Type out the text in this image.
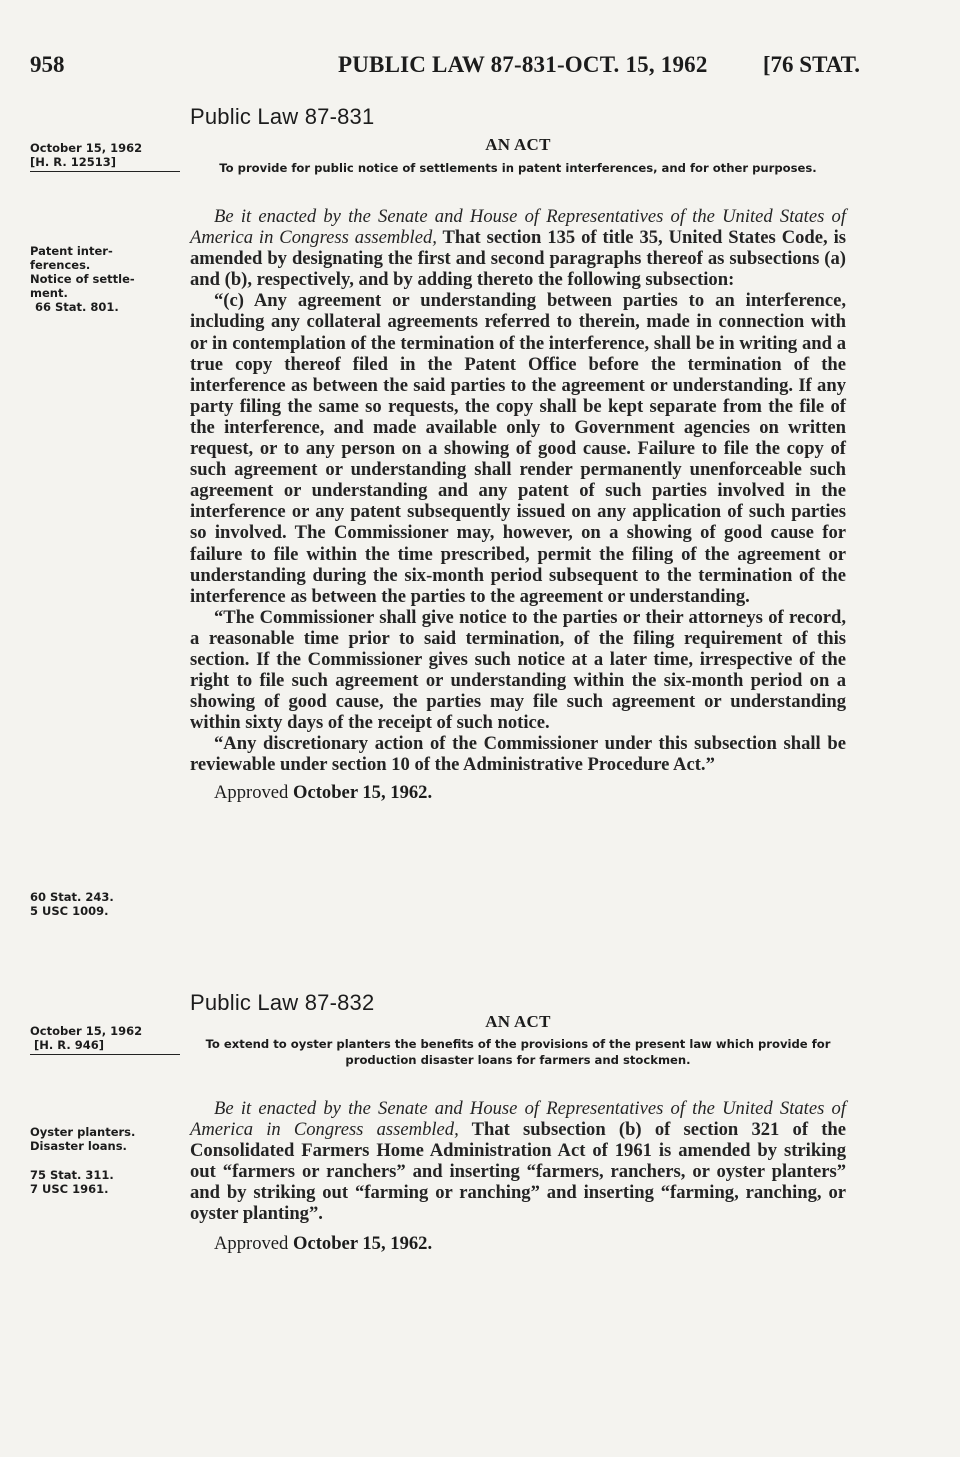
958	PUBLIC LAW 87-831-OCT. 15, 1962 [76 STAT.
Public Law 87-831
AN ACT
To provide for public notice of settlements in patent interferences, and for other purposes.

Be it enacted by the Senate and House of Representatives of the United States of America in Congress assembled, That section 135 of title 35, United States Code, is amended by designating the first and second paragraphs thereof as subsections (a) and (b), respectively, and by adding thereto the following subsection:

“(c) Any agreement or understanding between parties to an interference, including any collateral agreements referred to therein, made in connection with or in contemplation of the termination of the interference, shall be in writing and a true copy thereof filed in the Patent Office before the termination of the interference as between the said parties to the agreement or understanding. If any party filing the same so requests, the copy shall be kept separate from the file of the interference, and made available only to Government agencies on written request, or to any person on a showing of good cause. Failure to file the copy of such agreement or understanding shall render permanently unenforceable such agreement or understanding and any patent of such parties involved in the interference or any patent subsequently issued on any application of such parties so involved. The Commissioner may, however, on a showing of good cause for failure to file within the time prescribed, permit the filing of the agreement or understanding during the six-month period subsequent to the termination of the interference as between the parties to the agreement or understanding.

“The Commissioner shall give notice to the parties or their attorneys of record, a reasonable time prior to said termination, of the filing requirement of this section. If the Commissioner gives such notice at a later time, irrespective of the right to file such agreement or understanding within the six-month period on a showing of good cause, the parties may file such agreement or understanding within sixty days of the receipt of such notice.

“Any discretionary action of the Commissioner under this subsection shall be reviewable under section 10 of the Administrative Procedure Act.”

Approved October 15, 1962.
October 15, 1962
[H. R. 12513]
Patent inter-
ferences.
Notice of settle-
ment.
66 Stat. 801.
60 Stat. 243.
5 USC 1009.
Public Law 87-832
AN ACT
To extend to oyster planters the benefits of the provisions of the present law which provide for production disaster loans for farmers and stockmen.

Be it enacted by the Senate and House of Representatives of the United States of America in Congress assembled, That subsection (b) of section 321 of the Consolidated Farmers Home Administration Act of 1961 is amended by striking out “farmers or ranchers” and inserting “farmers, ranchers, or oyster planters” and by striking out “farming or ranching” and inserting “farming, ranching, or oyster planting”.

Approved October 15, 1962.
October 15, 1962
[H. R. 946]
Oyster planters.
Disaster loans.
75 Stat. 311.
7 USC 1961.
